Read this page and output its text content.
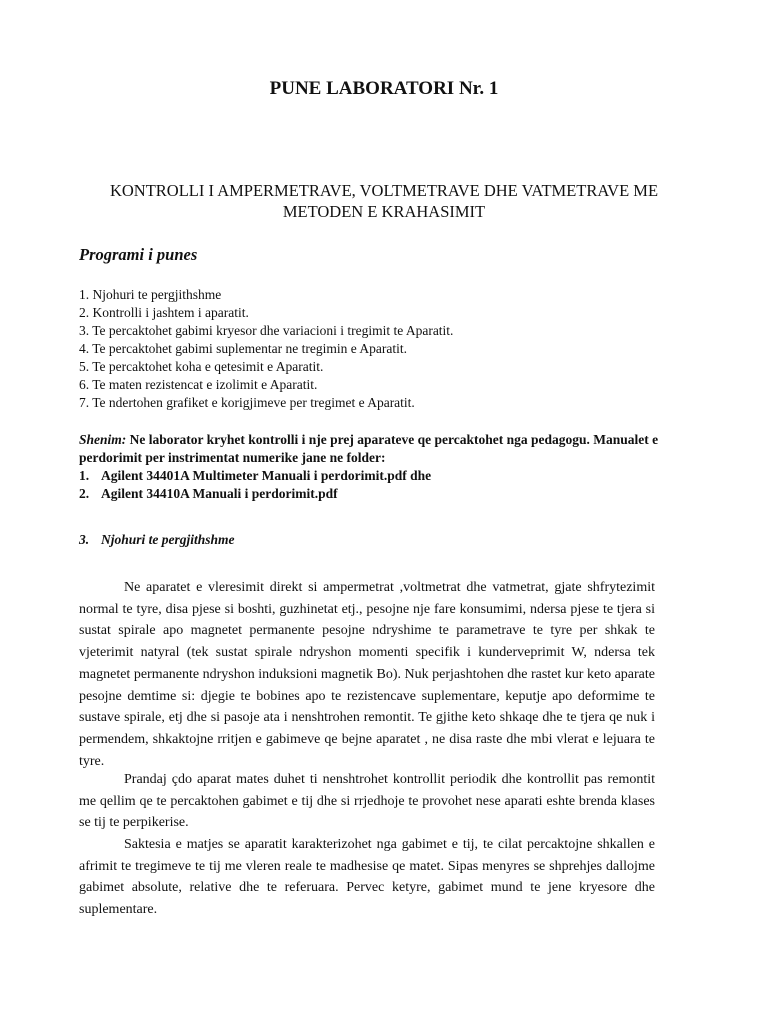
PUNE LABORATORI Nr. 1
KONTROLLI I AMPERMETRAVE, VOLTMETRAVE DHE VATMETRAVE ME
METODEN E KRAHASIMIT
Programi i punes
1. Njohuri te pergjithshme
2. Kontrolli i jashtem i aparatit.
3. Te percaktohet gabimi kryesor dhe variacioni i tregimit te Aparatit.
4. Te percaktohet gabimi suplementar ne tregimin e Aparatit.
5. Te percaktohet koha e qetesimit e Aparatit.
6. Te maten rezistencat e izolimit e Aparatit.
7. Te ndertohen grafiket e korigjimeve per tregimet e Aparatit.
Shenim: Ne laborator kryhet kontrolli i nje prej aparateve qe percaktohet nga pedagogu. Manualet e perdorimit per instrimentat numerike jane ne folder:
1. Agilent 34401A Multimeter Manuali i perdorimit.pdf dhe
2. Agilent 34410A Manuali i perdorimit.pdf
3. Njohuri te pergjithshme

Ne aparatet e vleresimit direkt si ampermetrat ,voltmetrat dhe vatmetrat, gjate shfrytezimit normal te tyre, disa pjese si boshti, guzhinetat etj., pesojne nje fare konsumimi, ndersa pjese te tjera si sustat spirale apo magnetet permanente pesojne ndryshime te parametrave te tyre per shkak te vjeterimit natyral (tek sustat spirale ndryshon momenti specifik i kunderveprimit W, ndersa tek magnetet permanente ndryshon induksioni magnetik Bo). Nuk perjashtohen dhe rastet kur keto aparate pesojne demtime si: djegie te bobines apo te rezistencave suplementare, keputje apo deformime te sustave spirale, etj dhe si pasoje ata i nenshtrohen remontit. Te gjithe keto shkaqe dhe te tjera qe nuk i permendem, shkaktojne rritjen e gabimeve qe bejne aparatet , ne disa raste dhe mbi vlerat e lejuara te tyre.

Prandaj çdo aparat mates duhet ti nenshtrohet kontrollit periodik dhe kontrollit pas remontit me qellim qe te percaktohen gabimet e tij dhe si rrjedhoje te provohet nese aparati eshte brenda klases se tij te perpikerise.

Saktesia e matjes se aparatit karakterizohet nga gabimet e tij, te cilat percaktojne shkallen e afrimit te tregimeve te tij me vleren reale te madhesise qe matet. Sipas menyres se shprehjes dallojme gabimet absolute, relative dhe te referuara. Pervec ketyre, gabimet mund te jene kryesore dhe suplementare.
